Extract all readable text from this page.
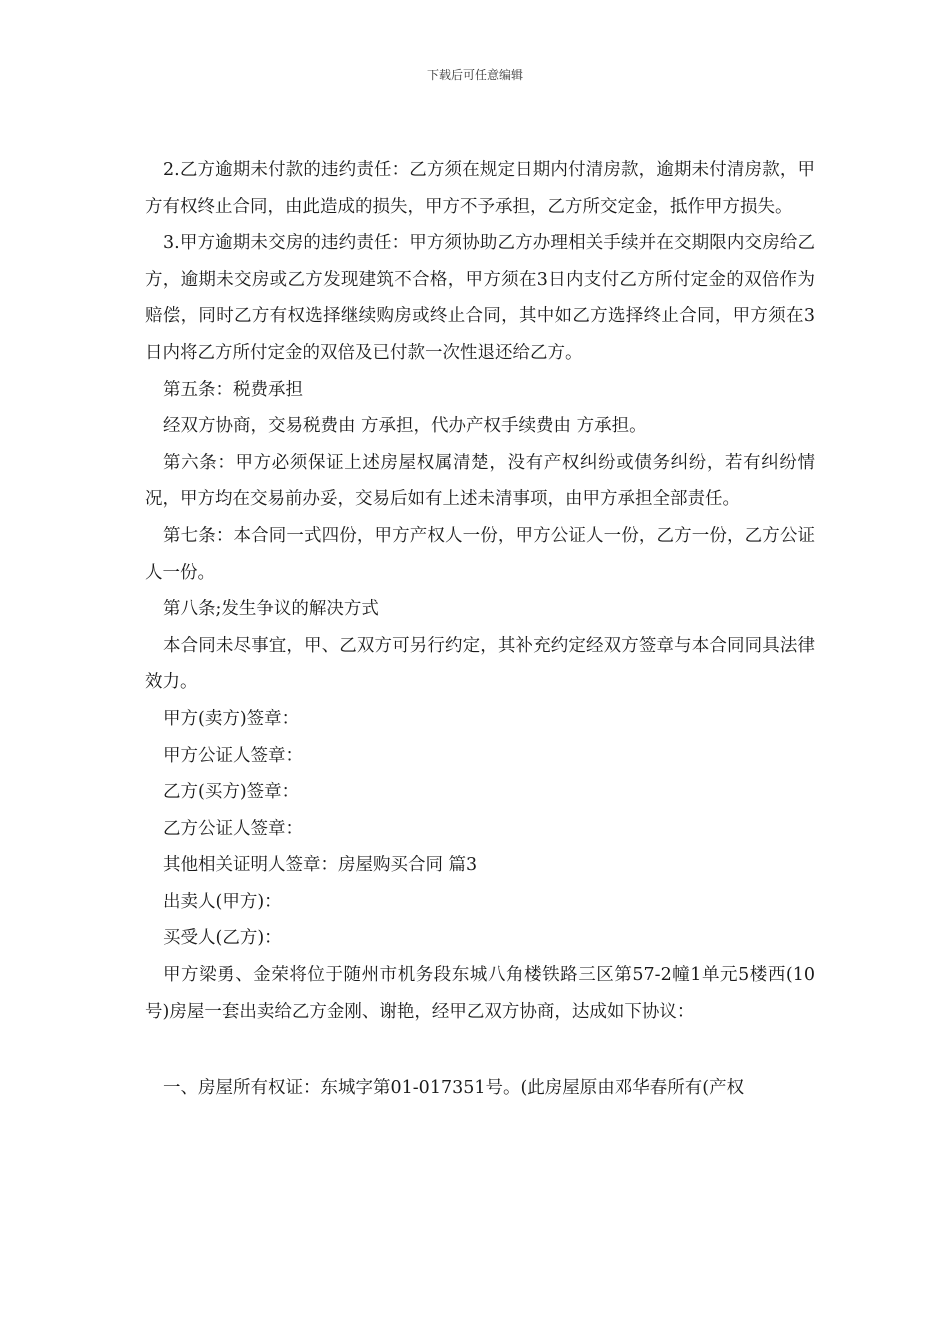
下载后可任意编辑

2.乙方逾期未付款的违约责任：乙方须在规定日期内付清房款，逾期未付清房款，甲方有权终止合同，由此造成的损失，甲方不予承担，乙方所交定金，抵作甲方损失。

3.甲方逾期未交房的违约责任：甲方须协助乙方办理相关手续并在交期限内交房给乙方，逾期未交房或乙方发现建筑不合格，甲方须在3日内支付乙方所付定金的双倍作为赔偿，同时乙方有权选择继续购房或终止合同，其中如乙方选择终止合同，甲方须在3日内将乙方所付定金的双倍及已付款一次性退还给乙方。

第五条：税费承担

经双方协商，交易税费由 方承担，代办产权手续费由 方承担。

第六条：甲方必须保证上述房屋权属清楚，没有产权纠纷或债务纠纷，若有纠纷情况，甲方均在交易前办妥，交易后如有上述未清事项，由甲方承担全部责任。

第七条：本合同一式四份，甲方产权人一份，甲方公证人一份，乙方一份，乙方公证人一份。

第八条;发生争议的解决方式

本合同未尽事宜，甲、乙双方可另行约定，其补充约定经双方签章与本合同同具法律效力。

甲方(卖方)签章：

甲方公证人签章：

乙方(买方)签章：

乙方公证人签章：

其他相关证明人签章：房屋购买合同 篇3

出卖人(甲方)：

买受人(乙方)：

甲方梁勇、金荣将位于随州市机务段东城八角楼铁路三区第57-2幢1单元5楼西(10号)房屋一套出卖给乙方金刚、谢艳，经甲乙双方协商，达成如下协议：

一、房屋所有权证：东城字第01-017351号。(此房屋原由邓华春所有(产权
